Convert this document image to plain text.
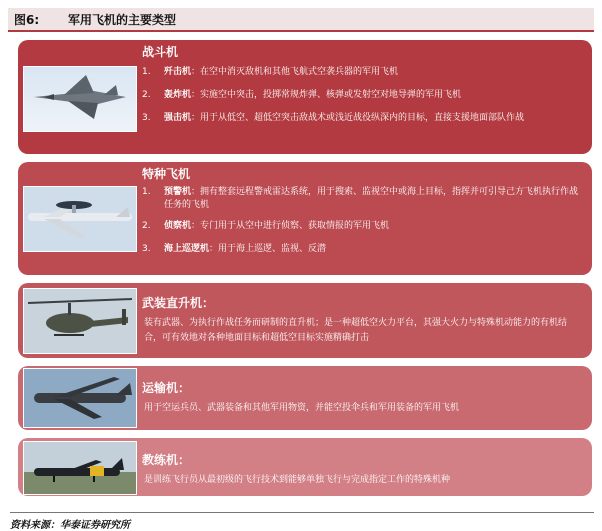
图6:	军用飞机的主要类型
战斗机
1.	歼击机：在空中消灭敌机和其他飞航式空袭兵器的军用飞机
2.	轰炸机：实施空中突击，投掷常规炸弹、核弹或发射空对地导弹的军用飞机
3.	强击机：用于从低空、超低空突击敌战术或浅近战役纵深内的目标，直接支援地面部队作战
特种飞机
1.	预警机：拥有整套远程警戒雷达系统，用于搜索、监视空中或海上目标，指挥并可引导己方飞机执行作战任务的飞机
2.	侦察机：专门用于从空中进行侦察、获取情报的军用飞机
3.	海上巡逻机：用于海上巡逻、监视、反潜
武装直升机：
装有武器、为执行作战任务而研制的直升机；是一种超低空火力平台，其强大火力与特殊机动能力的有机结合，可有效地对各种地面目标和超低空目标实施精确打击
运输机：
用于空运兵员、武器装备和其他军用物资，并能空投伞兵和军用装备的军用飞机
教练机：
是训练飞行员从最初级的飞行技术到能够单独飞行与完成指定工作的特殊机种
资料来源：华泰证券研究所
